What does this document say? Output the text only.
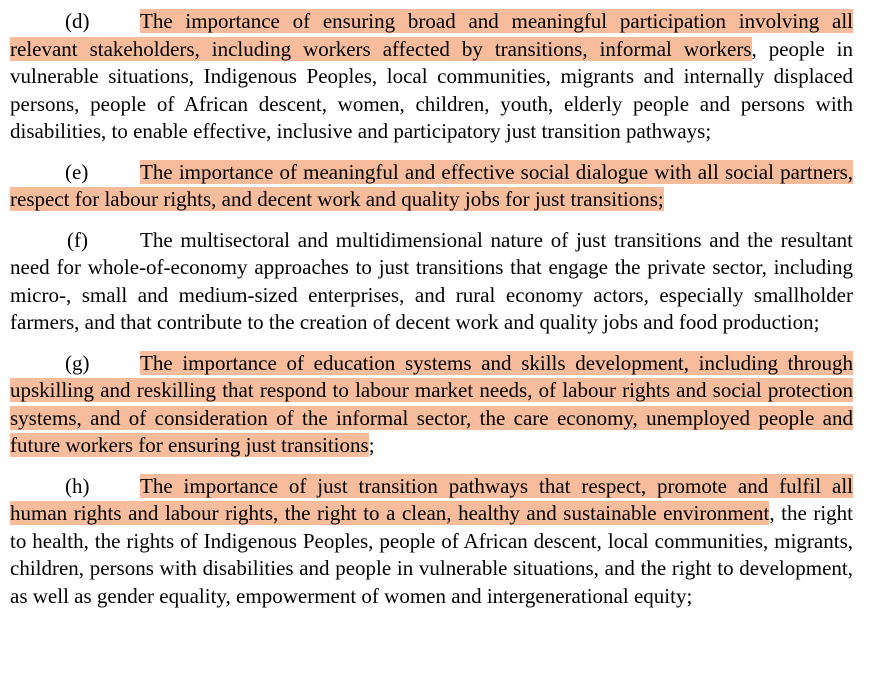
(d) The importance of ensuring broad and meaningful participation involving all relevant stakeholders, including workers affected by transitions, informal workers, people in vulnerable situations, Indigenous Peoples, local communities, migrants and internally displaced persons, people of African descent, women, children, youth, elderly people and persons with disabilities, to enable effective, inclusive and participatory just transition pathways;

(e) The importance of meaningful and effective social dialogue with all social partners, respect for labour rights, and decent work and quality jobs for just transitions;

(f) The multisectoral and multidimensional nature of just transitions and the resultant need for whole-of-economy approaches to just transitions that engage the private sector, including micro-, small and medium-sized enterprises, and rural economy actors, especially smallholder farmers, and that contribute to the creation of decent work and quality jobs and food production;

(g) The importance of education systems and skills development, including through upskilling and reskilling that respond to labour market needs, of labour rights and social protection systems, and of consideration of the informal sector, the care economy, unemployed people and future workers for ensuring just transitions;

(h) The importance of just transition pathways that respect, promote and fulfil all human rights and labour rights, the right to a clean, healthy and sustainable environment, the right to health, the rights of Indigenous Peoples, people of African descent, local communities, migrants, children, persons with disabilities and people in vulnerable situations, and the right to development, as well as gender equality, empowerment of women and intergenerational equity;
